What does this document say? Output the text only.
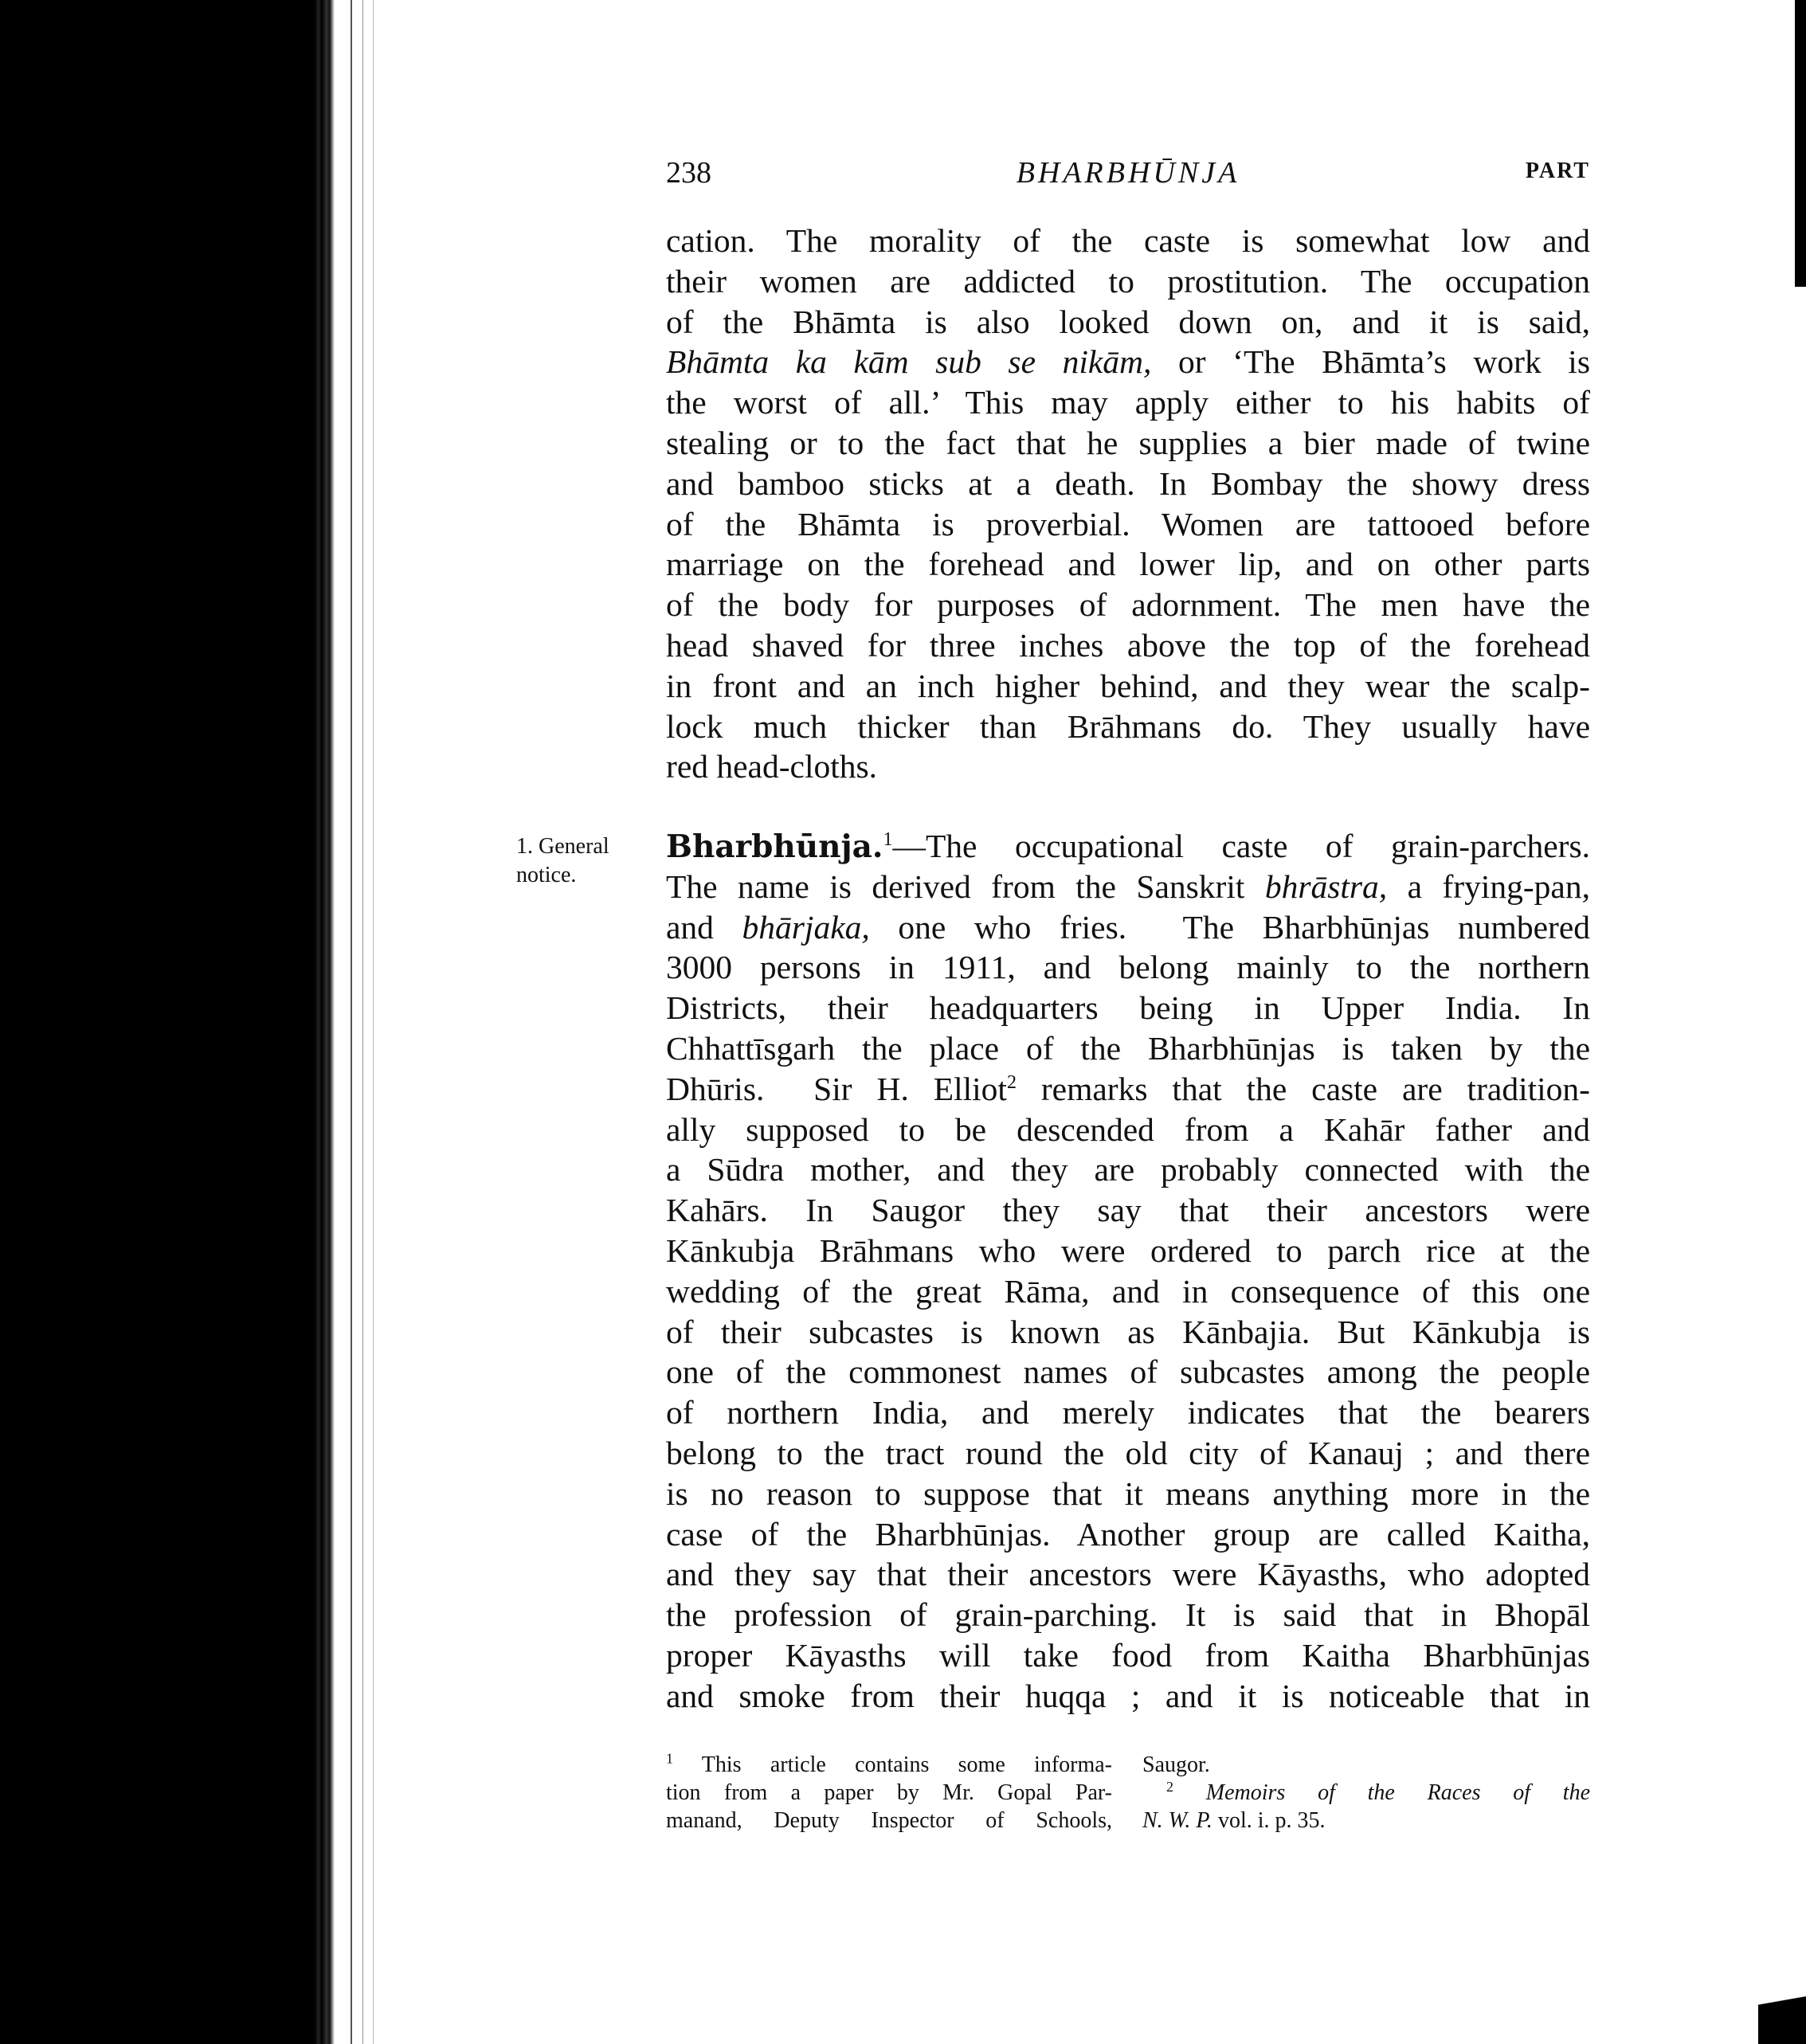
238	BHARBHŪNJA	PART
cation. The morality of the caste is somewhat low and
their women are addicted to prostitution. The occupation
of the Bhāmta is also looked down on, and it is said,
Bhāmta ka kām sub se nikām, or ‘The Bhāmta’s work is
the worst of all.’ This may apply either to his habits of
stealing or to the fact that he supplies a bier made of twine
and bamboo sticks at a death. In Bombay the showy dress
of the Bhāmta is proverbial. Women are tattooed before
marriage on the forehead and lower lip, and on other parts
of the body for purposes of adornment. The men have the
head shaved for three inches above the top of the forehead
in front and an inch higher behind, and they wear the scalp-
lock much thicker than Brāhmans do. They usually have
red head-cloths.
1. General
notice.
Bharbhūnja.$^1$—The occupational caste of grain-parchers.
The name is derived from the Sanskrit bhrāstra, a frying-pan,
and bhārjaka, one who fries.  The Bharbhūnjas numbered
3000 persons in 1911, and belong mainly to the northern
Districts, their headquarters being in Upper India. In
Chhattīsgarh the place of the Bharbhūnjas is taken by the
Dhūris.  Sir H. Elliot$^2$ remarks that the caste are tradition-
ally supposed to be descended from a Kahār father and
a Sūdra mother, and they are probably connected with the
Kahārs. In Saugor they say that their ancestors were
Kānkubja Brāhmans who were ordered to parch rice at the
wedding of the great Rāma, and in consequence of this one
of their subcastes is known as Kānbajia. But Kānkubja is
one of the commonest names of subcastes among the people
of northern India, and merely indicates that the bearers
belong to the tract round the old city of Kanauj ; and there
is no reason to suppose that it means anything more in the
case of the Bharbhūnjas. Another group are called Kaitha,
and they say that their ancestors were Kāyasths, who adopted
the profession of grain-parching. It is said that in Bhopāl
proper Kāyasths will take food from Kaitha Bharbhūnjas
and smoke from their huqqa ; and it is noticeable that in
$^1$ This article contains some informa-
tion from a paper by Mr. Gopal Par-
manand, Deputy Inspector of Schools,
Saugor.
$^2$ Memoirs of the Races of the
N. W. P. vol. i. p. 35.
